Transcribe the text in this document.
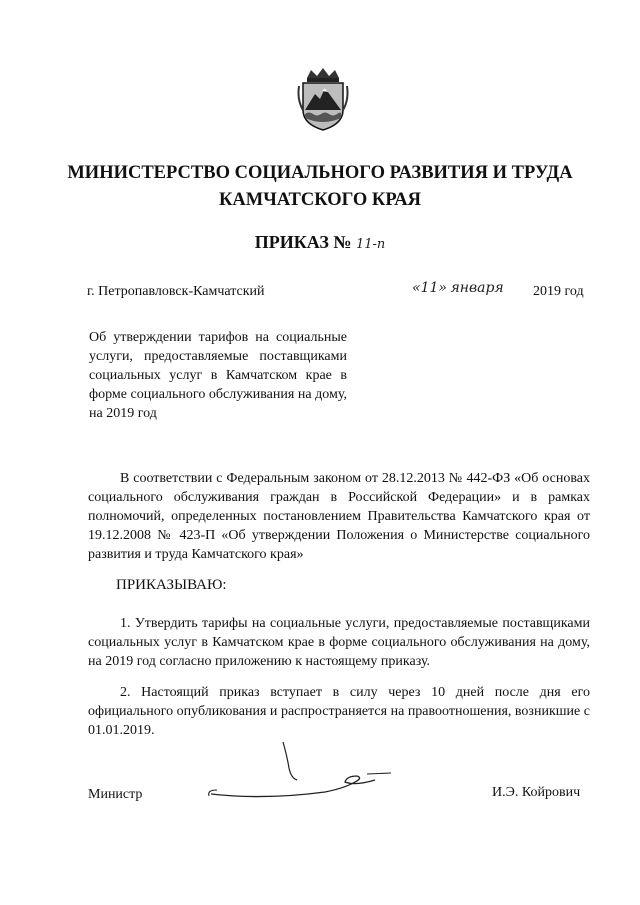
МИНИСТЕРСТВО СОЦИАЛЬНОГО РАЗВИТИЯ И ТРУДА
КАМЧАТСКОГО КРАЯ
ПРИКАЗ № 11-п
г. Петропавловск-Камчатский	«11» января 2019 год
Об утверждении тарифов на социальные услуги, предоставляемые поставщиками социальных услуг в Камчатском крае в форме социального обслуживания на дому, на 2019 год
В соответствии с Федеральным законом от 28.12.2013 № 442-ФЗ «Об основах социального обслуживания граждан в Российской Федерации» и в рамках полномочий, определенных постановлением Правительства Камчатского края от 19.12.2008 № 423-П «Об утверждении Положения о Министерстве социального развития и труда Камчатского края»
ПРИКАЗЫВАЮ:
1. Утвердить тарифы на социальные услуги, предоставляемые поставщиками социальных услуг в Камчатском крае в форме социального обслуживания на дому, на 2019 год согласно приложению к настоящему приказу.
2. Настоящий приказ вступает в силу через 10 дней после дня его официального опубликования и распространяется на правоотношения, возникшие с 01.01.2019.
Министр	И.Э. Койрович
